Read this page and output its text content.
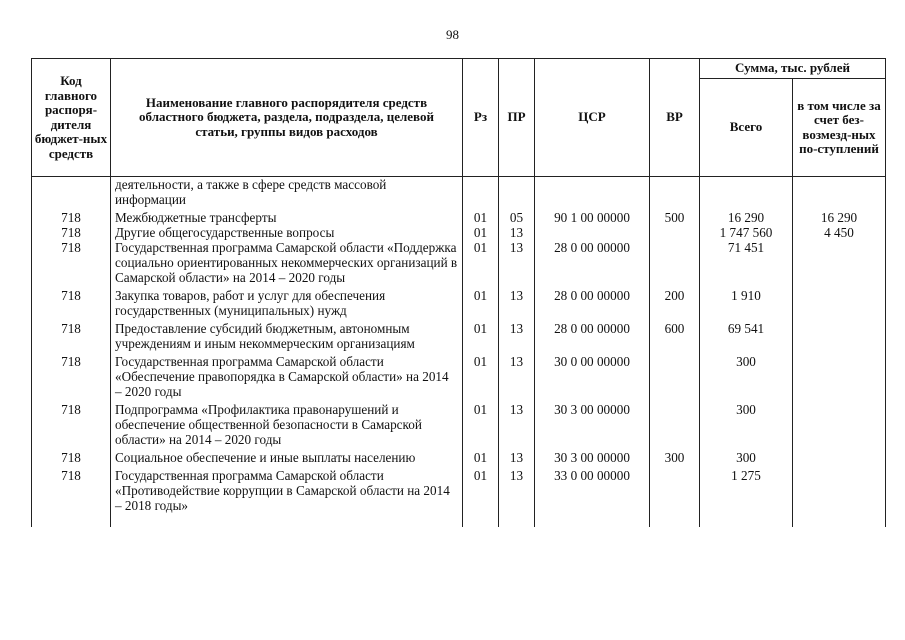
98
Код главного распоря-дителя бюджет-ных средств	Наименование главного распорядителя средств областного бюджета, раздела, подраздела, целевой статьи, группы видов расходов	Рз	ПР	ЦСР	ВР	Сумма, тыс. рублей	
						Всего	в том числе за счет без-возмезд-ных по-ступлений
	деятельности, а также в сфере средств массовой информации						
718	Межбюджетные трансферты	01	05	90 1 00 00000	500	16 290	16 290
718	Другие общегосударственные вопросы	01	13			1 747 560	4 450
718	Государственная программа Самарской области «Поддержка социально ориентированных некоммерческих организаций в Самарской области» на 2014 – 2020 годы	01	13	28 0 00 00000		71 451	
718	Закупка товаров, работ и услуг для обеспечения государственных (муниципальных) нужд	01	13	28 0 00 00000	200	1 910	
718	Предоставление субсидий бюджетным, автономным учреждениям и иным некоммерческим организациям	01	13	28 0 00 00000	600	69 541	
718	Государственная программа Самарской области «Обеспечение правопорядка в Самарской области» на 2014 – 2020 годы	01	13	30 0 00 00000		300	
718	Подпрограмма «Профилактика правонарушений и обеспечение общественной безопасности в Самарской области» на 2014 – 2020 годы	01	13	30 3 00 00000		300	
718	Социальное обеспечение и иные выплаты населению	01	13	30 3 00 00000	300	300	
718	Государственная программа Самарской области «Противодействие коррупции в Самарской области на 2014 – 2018 годы»	01	13	33 0 00 00000		1 275	
